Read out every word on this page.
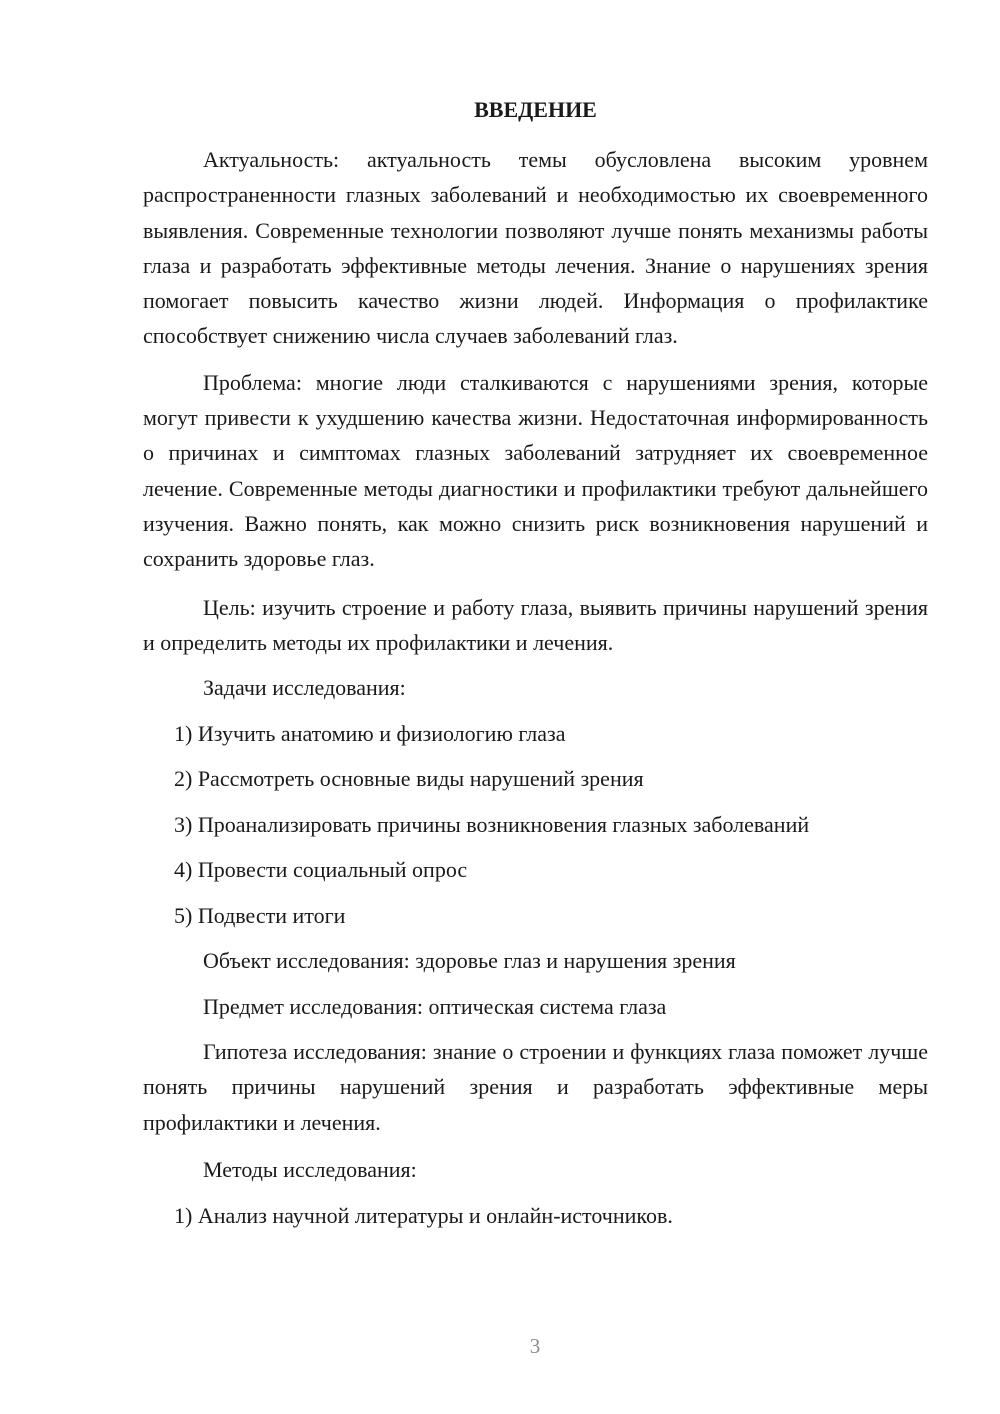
ВВЕДЕНИЕ

Актуальность: актуальность темы обусловлена высоким уровнем распространенности глазных заболеваний и необходимостью их своевременного выявления. Современные технологии позволяют лучше понять механизмы работы глаза и разработать эффективные методы лечения. Знание о нарушениях зрения помогает повысить качество жизни людей. Информация о профилактике способствует снижению числа случаев заболеваний глаз.

Проблема: многие люди сталкиваются с нарушениями зрения, которые могут привести к ухудшению качества жизни. Недостаточная информированность о причинах и симптомах глазных заболеваний затрудняет их своевременное лечение. Современные методы диагностики и профилактики требуют дальнейшего изучения. Важно понять, как можно снизить риск возникновения нарушений и сохранить здоровье глаз.

Цель: изучить строение и работу глаза, выявить причины нарушений зрения и определить методы их профилактики и лечения.

Задачи исследования:
1) Изучить анатомию и физиологию глаза
2) Рассмотреть основные виды нарушений зрения
3) Проанализировать причины возникновения глазных заболеваний
4) Провести социальный опрос
5) Подвести итоги
Объект исследования: здоровье глаз и нарушения зрения
Предмет исследования: оптическая система глаза

Гипотеза исследования: знание о строении и функциях глаза поможет лучше понять причины нарушений зрения и разработать эффективные меры профилактики и лечения.

Методы исследования:
1) Анализ научной литературы и онлайн-источников.
3
